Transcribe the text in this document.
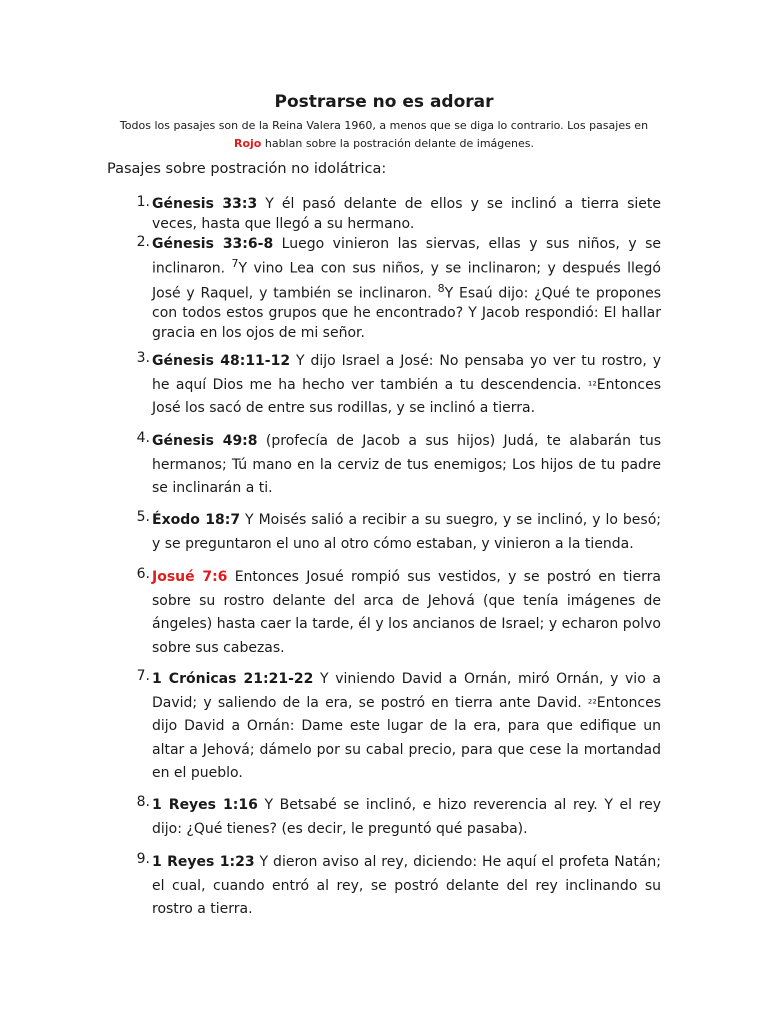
Postrarse no es adorar
Todos los pasajes son de la Reina Valera 1960, a menos que se diga lo contrario. Los pasajes en
Rojo hablan sobre la postración delante de imágenes.
Pasajes sobre postración no idolátrica:
1. Génesis 33:3 Y él pasó delante de ellos y se inclinó a tierra siete veces, hasta que llegó a su hermano.
2. Génesis 33:6-8 Luego vinieron las siervas, ellas y sus niños, y se inclinaron. $^7$Y vino Lea con sus niños, y se inclinaron; y después llegó José y Raquel, y también se inclinaron. $^8$Y Esaú dijo: ¿Qué te propones con todos estos grupos que he encontrado? Y Jacob respondió: El hallar gracia en los ojos de mi señor.
3. Génesis 48:11-12 Y dijo Israel a José: No pensaba yo ver tu rostro, y he aquí Dios me ha hecho ver también a tu descendencia. ¹²Entonces José los sacó de entre sus rodillas, y se inclinó a tierra.
4. Génesis 49:8 (profecía de Jacob a sus hijos) Judá, te alabarán tus hermanos; Tú mano en la cerviz de tus enemigos; Los hijos de tu padre se inclinarán a ti.
5. Éxodo 18:7 Y Moisés salió a recibir a su suegro, y se inclinó, y lo besó; y se preguntaron el uno al otro cómo estaban, y vinieron a la tienda.
6. Josué 7:6 Entonces Josué rompió sus vestidos, y se postró en tierra sobre su rostro delante del arca de Jehová (que tenía imágenes de ángeles) hasta caer la tarde, él y los ancianos de Israel; y echaron polvo sobre sus cabezas.
7. 1 Crónicas 21:21-22 Y viniendo David a Ornán, miró Ornán, y vio a David; y saliendo de la era, se postró en tierra ante David. ²²Entonces dijo David a Ornán: Dame este lugar de la era, para que edifique un altar a Jehová; dámelo por su cabal precio, para que cese la mortandad en el pueblo.
8. 1 Reyes 1:16 Y Betsabé se inclinó, e hizo reverencia al rey. Y el rey dijo: ¿Qué tienes? (es decir, le preguntó qué pasaba).
9. 1 Reyes 1:23 Y dieron aviso al rey, diciendo: He aquí el profeta Natán; el cual, cuando entró al rey, se postró delante del rey inclinando su rostro a tierra.
